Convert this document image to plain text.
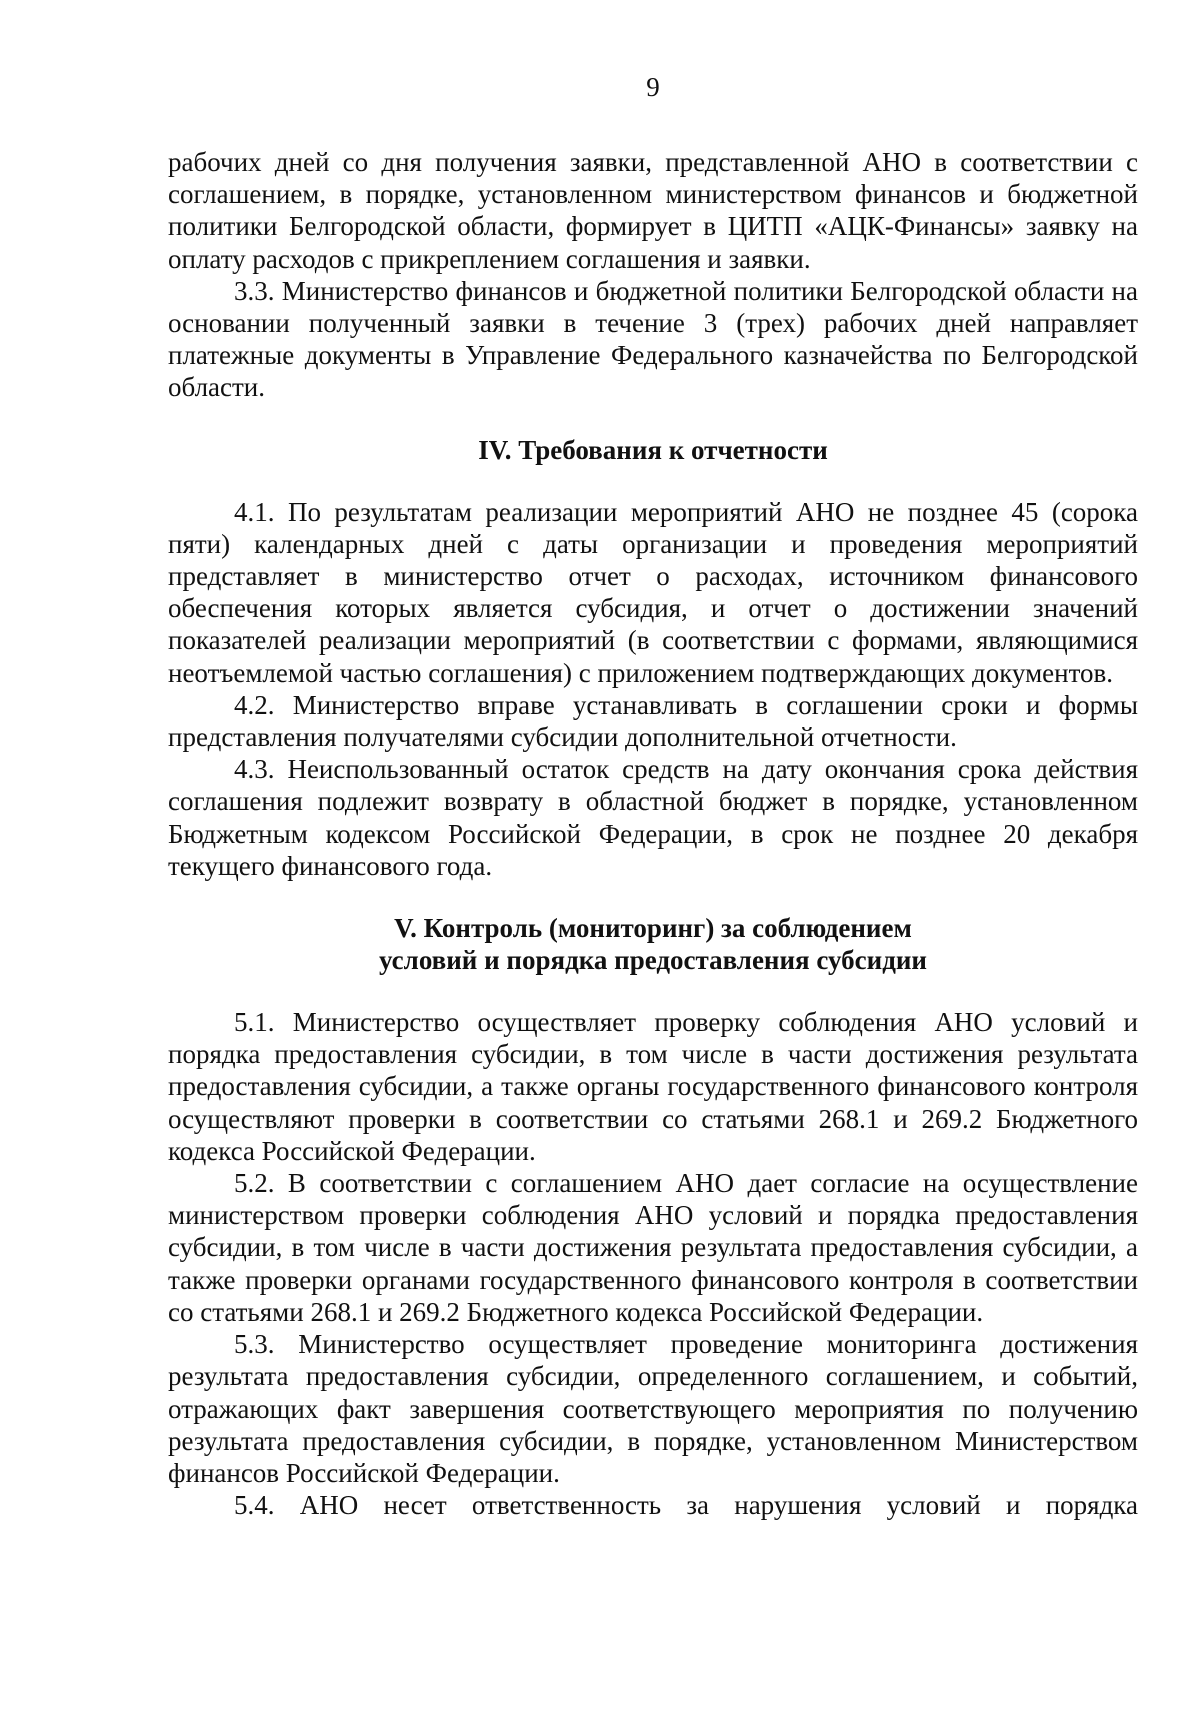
9

рабочих дней со дня получения заявки, представленной АНО в соответствии с соглашением, в порядке, установленном министерством финансов и бюджетной политики Белгородской области, формирует в ЦИТП «АЦК-Финансы» заявку на оплату расходов с прикреплением соглашения и заявки.

3.3. Министерство финансов и бюджетной политики Белгородской области на основании полученный заявки в течение 3 (трех) рабочих дней направляет платежные документы в Управление Федерального казначейства по Белгородской области.

IV. Требования к отчетности

4.1. По результатам реализации мероприятий АНО не позднее 45 (сорока пяти) календарных дней с даты организации и проведения мероприятий представляет в министерство отчет о расходах, источником финансового обеспечения которых является субсидия, и отчет о достижении значений показателей реализации мероприятий (в соответствии с формами, являющимися неотъемлемой частью соглашения) с приложением подтверждающих документов.

4.2. Министерство вправе устанавливать в соглашении сроки и формы представления получателями субсидии дополнительной отчетности.

4.3. Неиспользованный остаток средств на дату окончания срока действия соглашения подлежит возврату в областной бюджет в порядке, установленном Бюджетным кодексом Российской Федерации, в срок не позднее 20 декабря текущего финансового года.

V. Контроль (мониторинг) за соблюдением
условий и порядка предоставления субсидии

5.1. Министерство осуществляет проверку соблюдения АНО условий и порядка предоставления субсидии, в том числе в части достижения результата предоставления субсидии, а также органы государственного финансового контроля осуществляют проверки в соответствии со статьями 268.1 и 269.2 Бюджетного кодекса Российской Федерации.

5.2. В соответствии с соглашением АНО дает согласие на осуществление министерством проверки соблюдения АНО условий и порядка предоставления субсидии, в том числе в части достижения результата предоставления субсидии, а также проверки органами государственного финансового контроля в соответствии со статьями 268.1 и 269.2 Бюджетного кодекса Российской Федерации.

5.3. Министерство осуществляет проведение мониторинга достижения результата предоставления субсидии, определенного соглашением, и событий, отражающих факт завершения соответствующего мероприятия по получению результата предоставления субсидии, в порядке, установленном Министерством финансов Российской Федерации.

5.4. АНО несет ответственность за нарушения условий и порядка
